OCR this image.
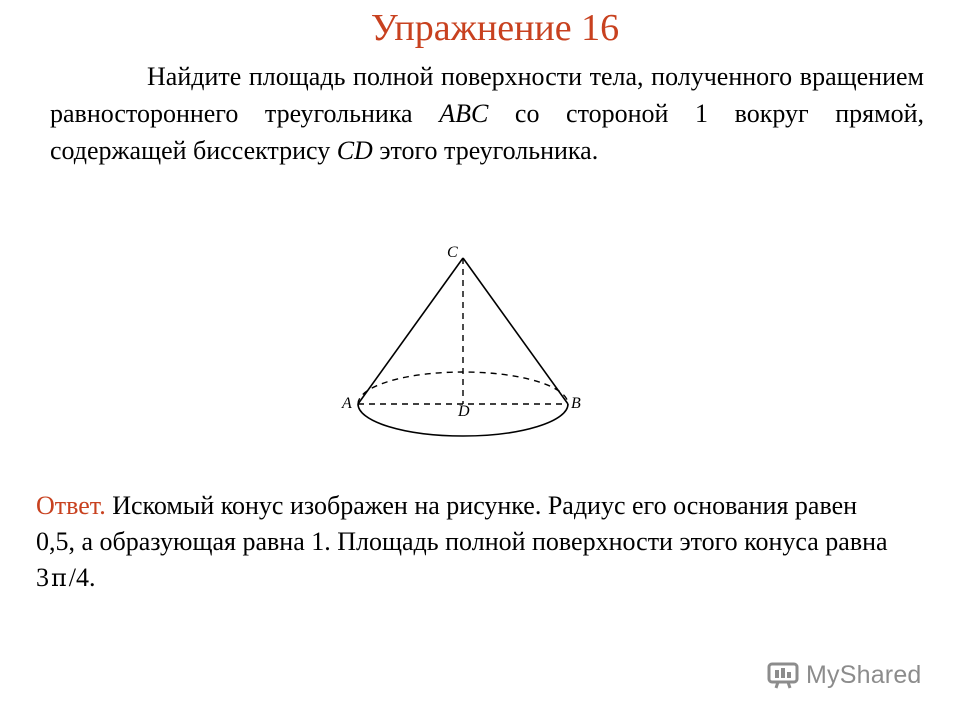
Упражнение 16
Найдите площадь полной поверхности тела, полученного вращением равностороннего треугольника ABC со стороной 1 вокруг прямой, содержащей биссектрису CD этого треугольника.
C
A	D	B
Ответ. Искомый конус изображен на рисунке. Радиус его основания равен 0,5, а образующая равна 1. Площадь полной поверхности этого конуса равна 3π/4.
MyShared
